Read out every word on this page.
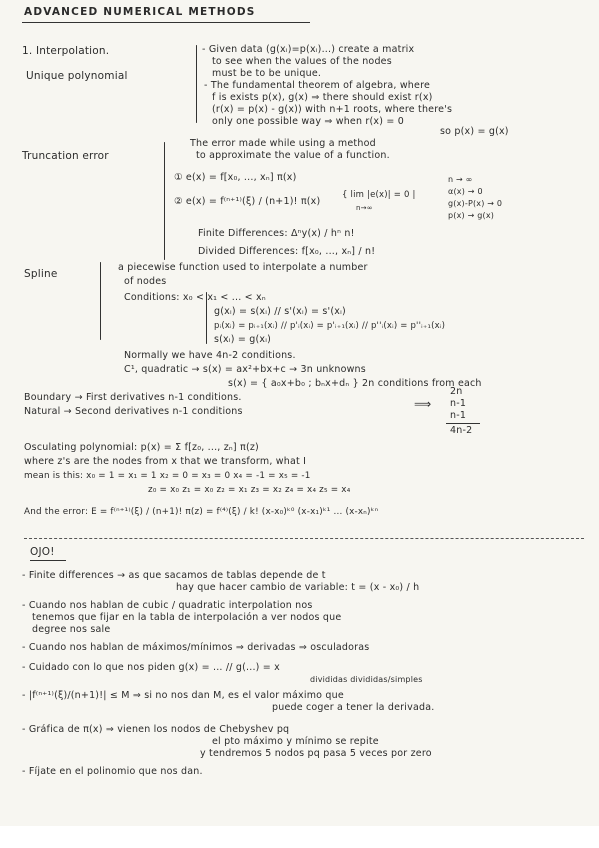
ADVANCED NUMERICAL METHODS
1. Interpolation.
Unique polynomial
- Given data (g(xᵢ)=p(xᵢ)...) create a matrix
to see when the values of the nodes
must be to be unique.
- The fundamental theorem of algebra, where
f is exists p(x), g(x) ⇒ there should exist r(x)
(r(x) = p(x) - g(x)) with n+1 roots, where there's
only one possible way ⇒ when r(x) = 0
so p(x) = g(x)
Truncation error
The error made while using a method
to approximate the value of a function.
① e(x) = f[x₀, ..., xₙ] π(x)
② e(x) = f⁽ⁿ⁺¹⁾(ξ) / (n+1)! π(x)
{ lim |e(x)| = 0 |
n→∞
n → ∞
α(x) → 0
g(x)-P(x) → 0
p(x) → g(x)
Finite Differences: Δⁿy(x) / hⁿ n!
Divided Differences: f[x₀, ..., xₙ] / n!
Spline
a piecewise function used to interpolate a number
of nodes
Conditions: x₀ < x₁ < ... < xₙ
g(xᵢ) = s(xᵢ) // s'(xᵢ) = s'(xᵢ)
pᵢ(xᵢ) = pᵢ₊₁(xᵢ) // p'ᵢ(xᵢ) = p'ᵢ₊₁(xᵢ) // p''ᵢ(xᵢ) = p''ᵢ₊₁(xᵢ)
s(xᵢ) = g(xᵢ)
Normally we have 4n-2 conditions.
C¹, quadratic → s(x) = ax²+bx+c → 3n unknowns
s(x) = { a₀x+b₀ ; bₙx+dₙ } 2n conditions from each
Boundary → First derivatives n-1 conditions.
Natural → Second derivatives n-1 conditions
⟹
2n
n-1
n-1
4n-2
Osculating polynomial: p(x) = Σ f[z₀, ..., zₙ] π(z)
where z's are the nodes from x that we transform, what I
mean is this: x₀ = 1 = x₁ = 1 x₂ = 0 = x₃ = 0 x₄ = -1 = x₅ = -1
z₀ = x₀ z₁ = x₀ z₂ = x₁ z₃ = x₂ z₄ = x₄ z₅ = x₄
And the error: E = f⁽ⁿ⁺¹⁾(ξ) / (n+1)! π(z) = f⁽⁴⁾(ξ) / k! (x-x₀)ᵏ⁰ (x-x₁)ᵏ¹ ... (x-xₙ)ᵏⁿ
OJO!
- Finite differences → as que sacamos de tablas depende de t
hay que hacer cambio de variable: t = (x - x₀) / h
- Cuando nos hablan de cubic / quadratic interpolation nos
tenemos que fijar en la tabla de interpolación a ver nodos que
degree nos sale
- Cuando nos hablan de máximos/mínimos ⇒ derivadas ⇒ osculadoras
- Cuidado con lo que nos piden g(x) = ... // g(...) = x
divididas divididas/simples
- |f⁽ⁿ⁺¹⁾(ξ)/(n+1)!| ≤ M ⇒ si no nos dan M, es el valor máximo que
puede coger a tener la derivada.
- Gráfica de π(x) ⇒ vienen los nodos de Chebyshev pq
el pto máximo y mínimo se repite
y tendremos 5 nodos pq pasa 5 veces por zero
- Fíjate en el polinomio que nos dan.
